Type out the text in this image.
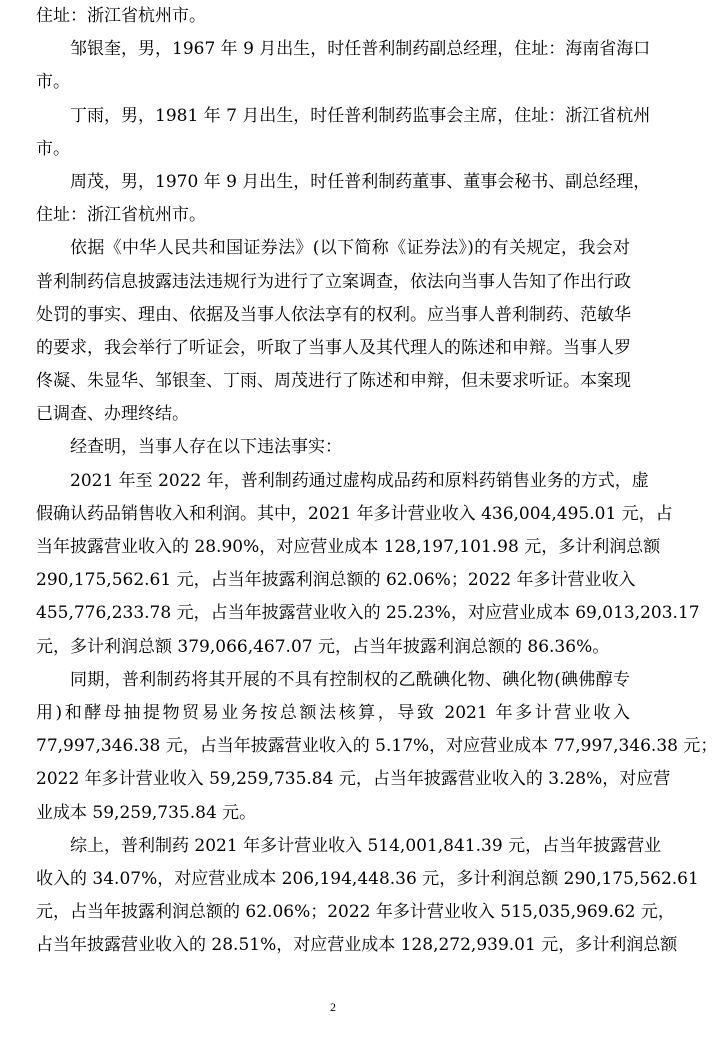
住址：浙江省杭州市。
邹银奎，男，1967 年 9 月出生，时任普利制药副总经理，住址：海南省海口
市。
丁雨，男，1981 年 7 月出生，时任普利制药监事会主席，住址：浙江省杭州
市。
周茂，男，1970 年 9 月出生，时任普利制药董事、董事会秘书、副总经理，
住址：浙江省杭州市。
依据《中华人民共和国证券法》(以下简称《证券法》)的有关规定，我会对
普利制药信息披露违法违规行为进行了立案调查，依法向当事人告知了作出行政
处罚的事实、理由、依据及当事人依法享有的权利。应当事人普利制药、范敏华
的要求，我会举行了听证会，听取了当事人及其代理人的陈述和申辩。当事人罗
佟凝、朱显华、邹银奎、丁雨、周茂进行了陈述和申辩，但未要求听证。本案现
已调查、办理终结。
经查明，当事人存在以下违法事实：
2021 年至 2022 年，普利制药通过虚构成品药和原料药销售业务的方式，虚
假确认药品销售收入和利润。其中，2021 年多计营业收入 436,004,495.01 元，占
当年披露营业收入的 28.90%，对应营业成本 128,197,101.98 元，多计利润总额
290,175,562.61 元，占当年披露利润总额的 62.06%；2022 年多计营业收入
455,776,233.78 元，占当年披露营业收入的 25.23%，对应营业成本 69,013,203.17
元，多计利润总额 379,066,467.07 元，占当年披露利润总额的 86.36%。
同期，普利制药将其开展的不具有控制权的乙酰碘化物、碘化物(碘佛醇专
用)和酵母抽提物贸易业务按总额法核算，导致 2021 年多计营业收入
77,997,346.38 元，占当年披露营业收入的 5.17%，对应营业成本 77,997,346.38 元；
2022 年多计营业收入 59,259,735.84 元，占当年披露营业收入的 3.28%，对应营
业成本 59,259,735.84 元。
综上，普利制药 2021 年多计营业收入 514,001,841.39 元，占当年披露营业
收入的 34.07%，对应营业成本 206,194,448.36 元，多计利润总额 290,175,562.61
元，占当年披露利润总额的 62.06%；2022 年多计营业收入 515,035,969.62 元，
占当年披露营业收入的 28.51%，对应营业成本 128,272,939.01 元，多计利润总额
2
